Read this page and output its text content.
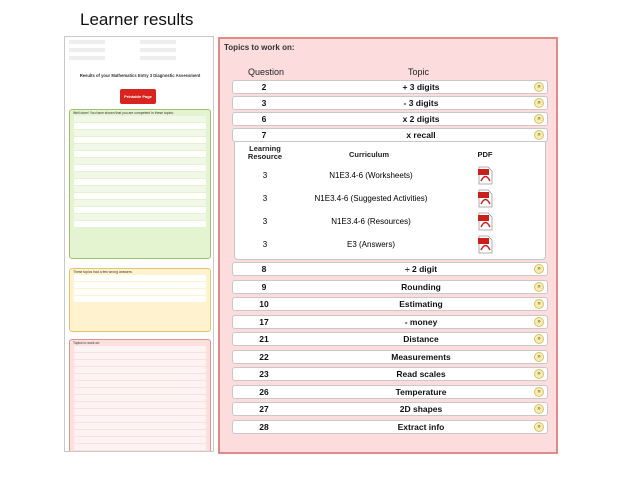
Learner results
Results of your Mathematics Entry 3 Diagnostic Assessment
Printable Page
Well done! You have shown that you are competent in these topics:
These topics had a few wrong answers:
Topics to work on:
Topics to work on:
Question	Topic
2	+ 3 digits	»
3	- 3 digits	»
6	x 2 digits	»
7	x recall	»
Learning Resource	Curriculum	PDF
3	N1E3.4-6 (Worksheets)
3	N1E3.4-6 (Suggested Activities)
3	N1E3.4-6 (Resources)
3	E3 (Answers)
8	÷ 2 digit	»
9	Rounding	»
10	Estimating	»
17	- money	»
21	Distance	»
22	Measurements	»
23	Read scales	»
26	Temperature	»
27	2D shapes	»
28	Extract info	»
